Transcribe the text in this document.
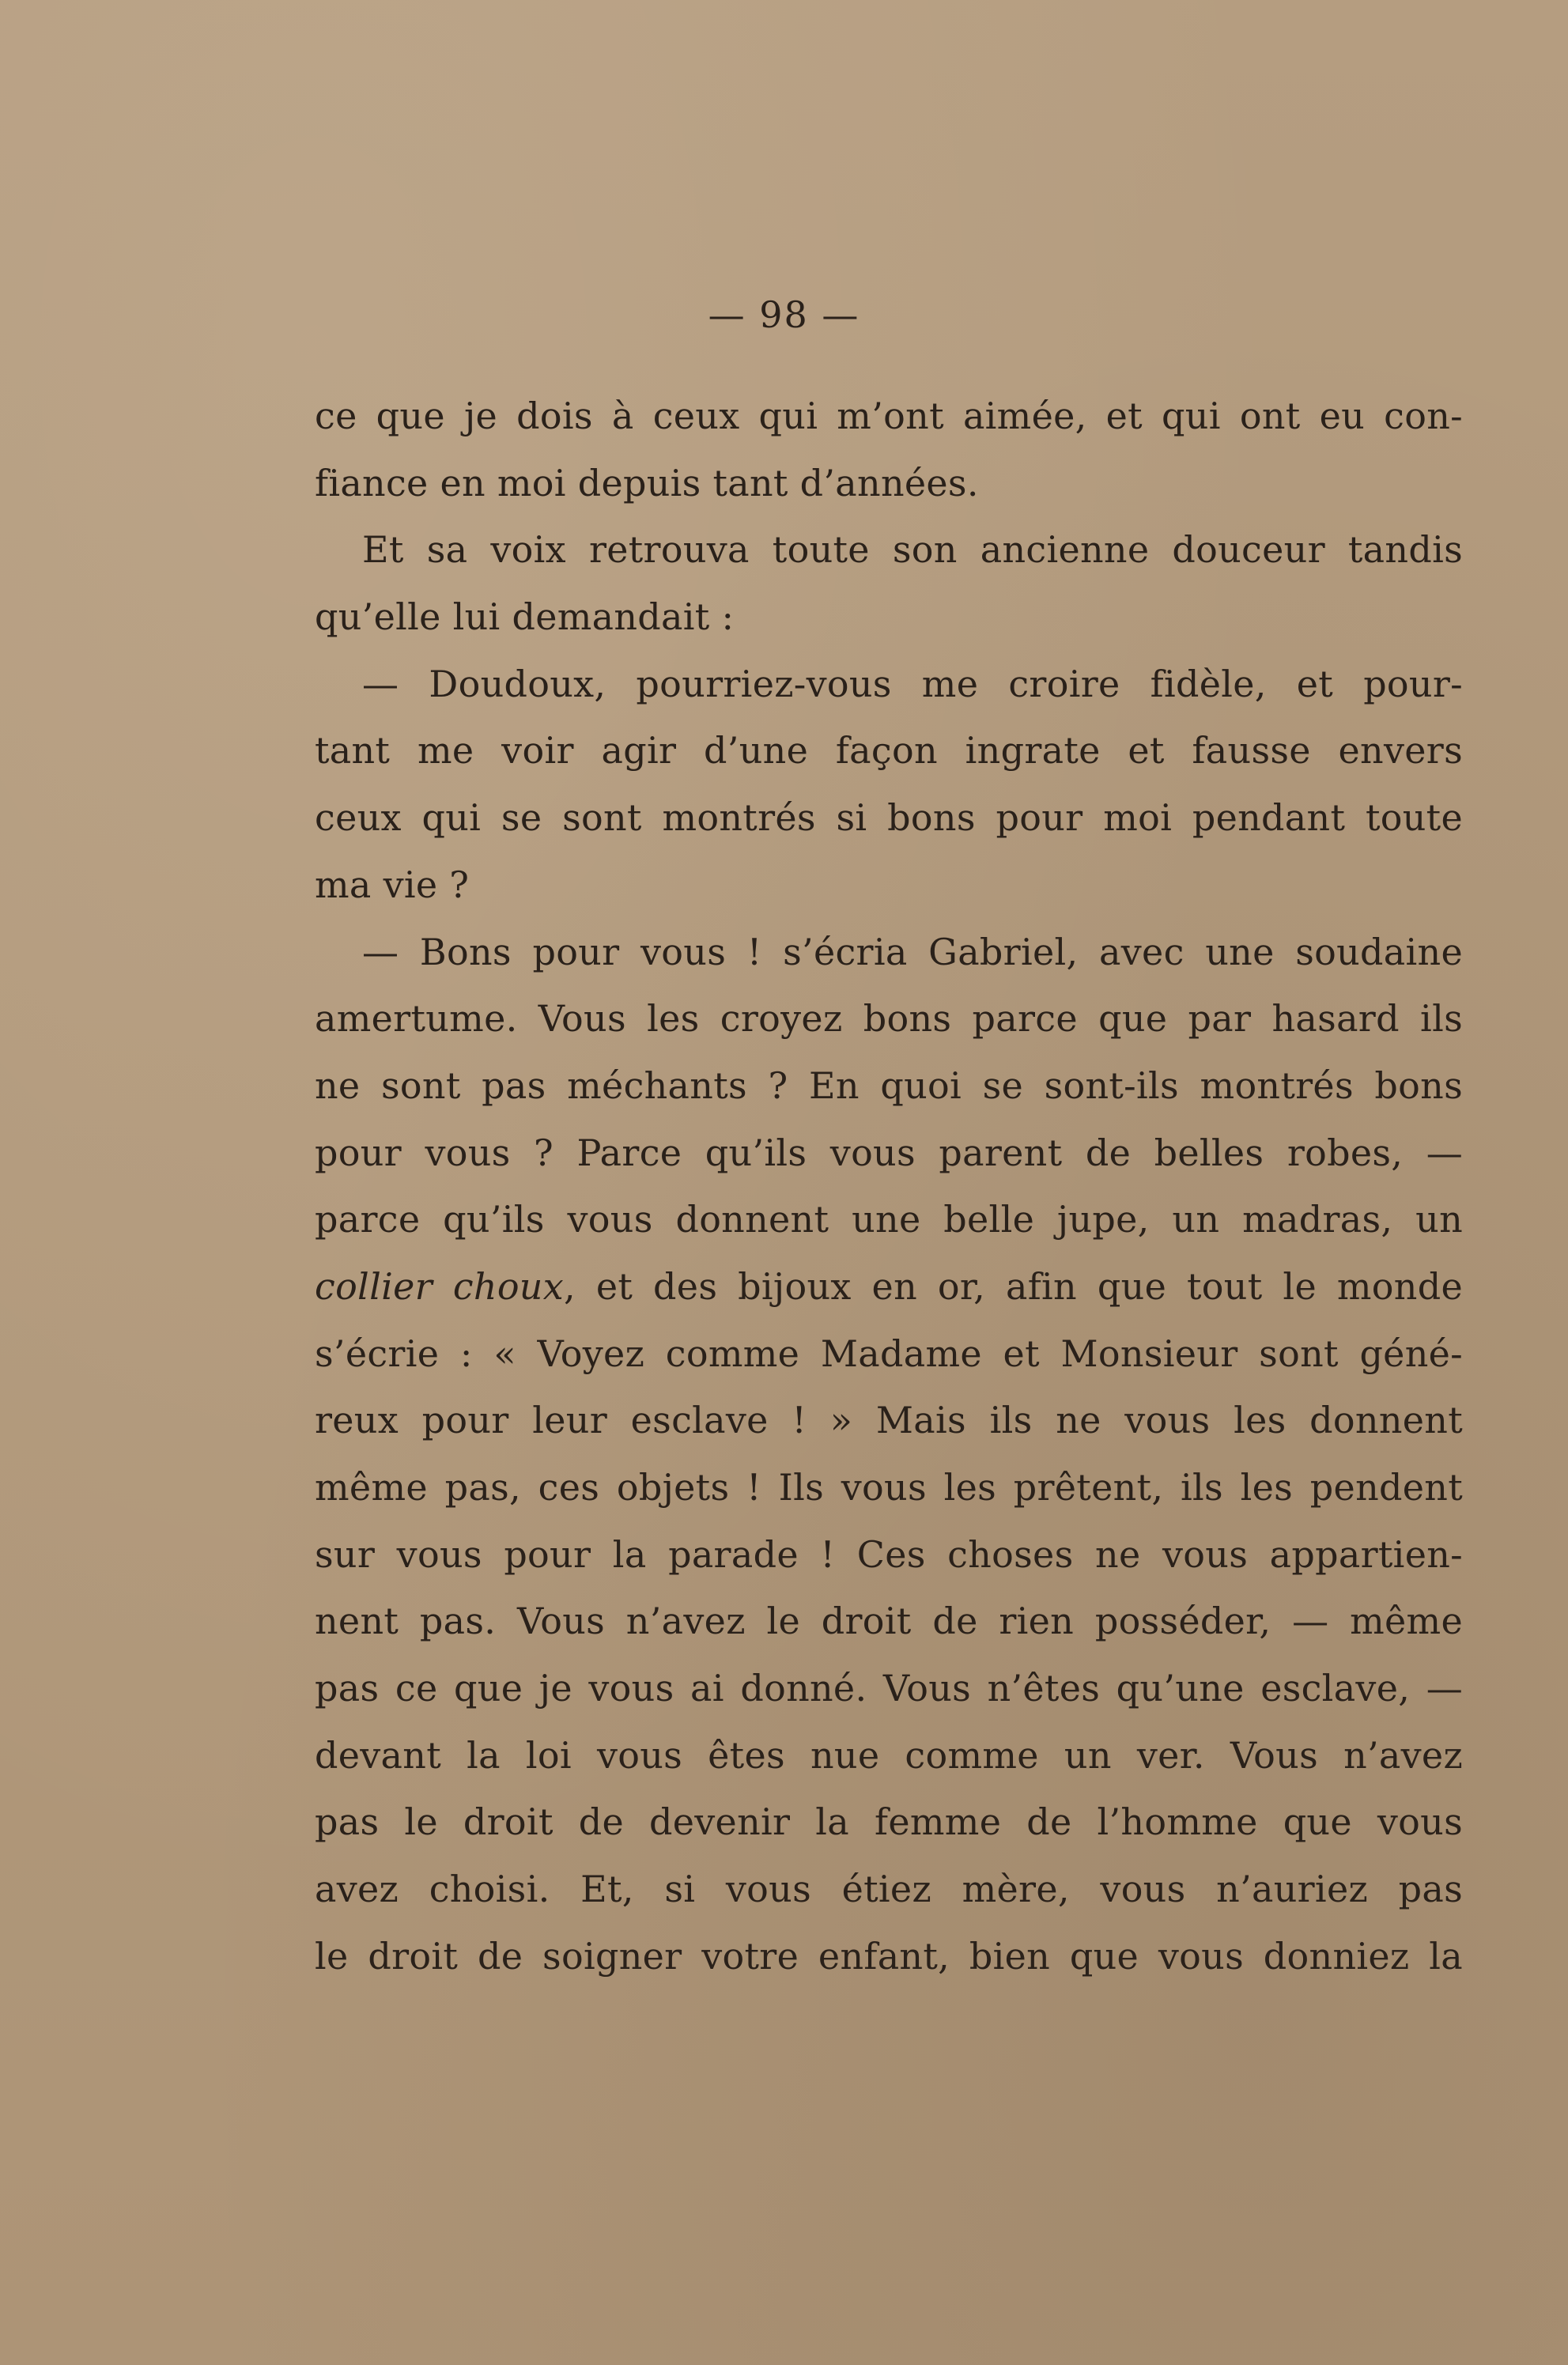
— 98 —
ce que je dois à ceux qui m’ont aimée, et qui ont eu con-
fiance en moi depuis tant d’années.
Et sa voix retrouva toute son ancienne douceur tandis
qu’elle lui demandait :
— Doudoux, pourriez-vous me croire fidèle, et pour-
tant me voir agir d’une façon ingrate et fausse envers
ceux qui se sont montrés si bons pour moi pendant toute
ma vie ?
— Bons pour vous ! s’écria Gabriel, avec une soudaine
amertume. Vous les croyez bons parce que par hasard ils
ne sont pas méchants ? En quoi se sont-ils montrés bons
pour vous ? Parce qu’ils vous parent de belles robes, —
parce qu’ils vous donnent une belle jupe, un madras, un
collier choux, et des bijoux en or, afin que tout le monde
s’écrie : « Voyez comme Madame et Monsieur sont géné-
reux pour leur esclave ! » Mais ils ne vous les donnent
même pas, ces objets ! Ils vous les prêtent, ils les pendent
sur vous pour la parade ! Ces choses ne vous appartien-
nent pas. Vous n’avez le droit de rien posséder, — même
pas ce que je vous ai donné. Vous n’êtes qu’une esclave, —
devant la loi vous êtes nue comme un ver. Vous n’avez
pas le droit de devenir la femme de l’homme que vous
avez choisi. Et, si vous étiez mère, vous n’auriez pas
le droit de soigner votre enfant, bien que vous donniez la
